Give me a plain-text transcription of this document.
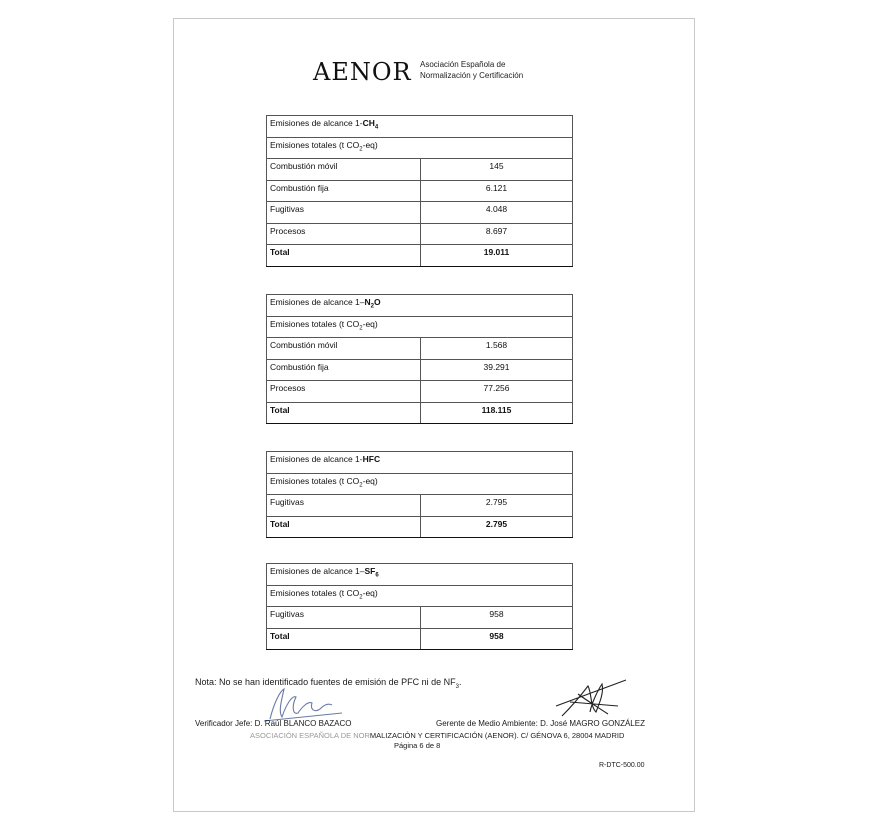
AENOR Asociación Española de
Normalización y Certificación
Emisiones de alcance $1-CH_4$
Emisiones totales (t $CO_2-eq$)	
Combustión móvil	145
Combustión fija	6.121
Fugitivas	4.048
Procesos	8.697
Total	19.011
Emisiones de alcance $1-N_2O$	
Emisiones totales (t $CO_2-eq$)	
Combustión móvil	1.568
Combustión fija	39.291
Procesos	77.256
Total	118.115
Emisiones de alcance 1-HFC	
Emisiones totales (t $CO_2-eq$)	
Fugitivas	2.795
Total	2.795
Emisiones de alcance $1-SF_6$
Emisiones totales (t $CO_2-eq$)	
Fugitivas	958
Total	958
Nota: No se han identificado fuentes de emisión de PFC ni de $NF_3$.
Verificador Jefe: D. Raúl BLANCO BAZACO	Gerente de Medio Ambiente: D. José MAGRO GONZÁLEZ
ASOCIACIÓN ESPAÑOLA DE NORMALIZACIÓN Y CERTIFICACIÓN (AENOR). C/ GÉNOVA 6, 28004 MADRID
Página 6 de 8
R-DTC-500.00
